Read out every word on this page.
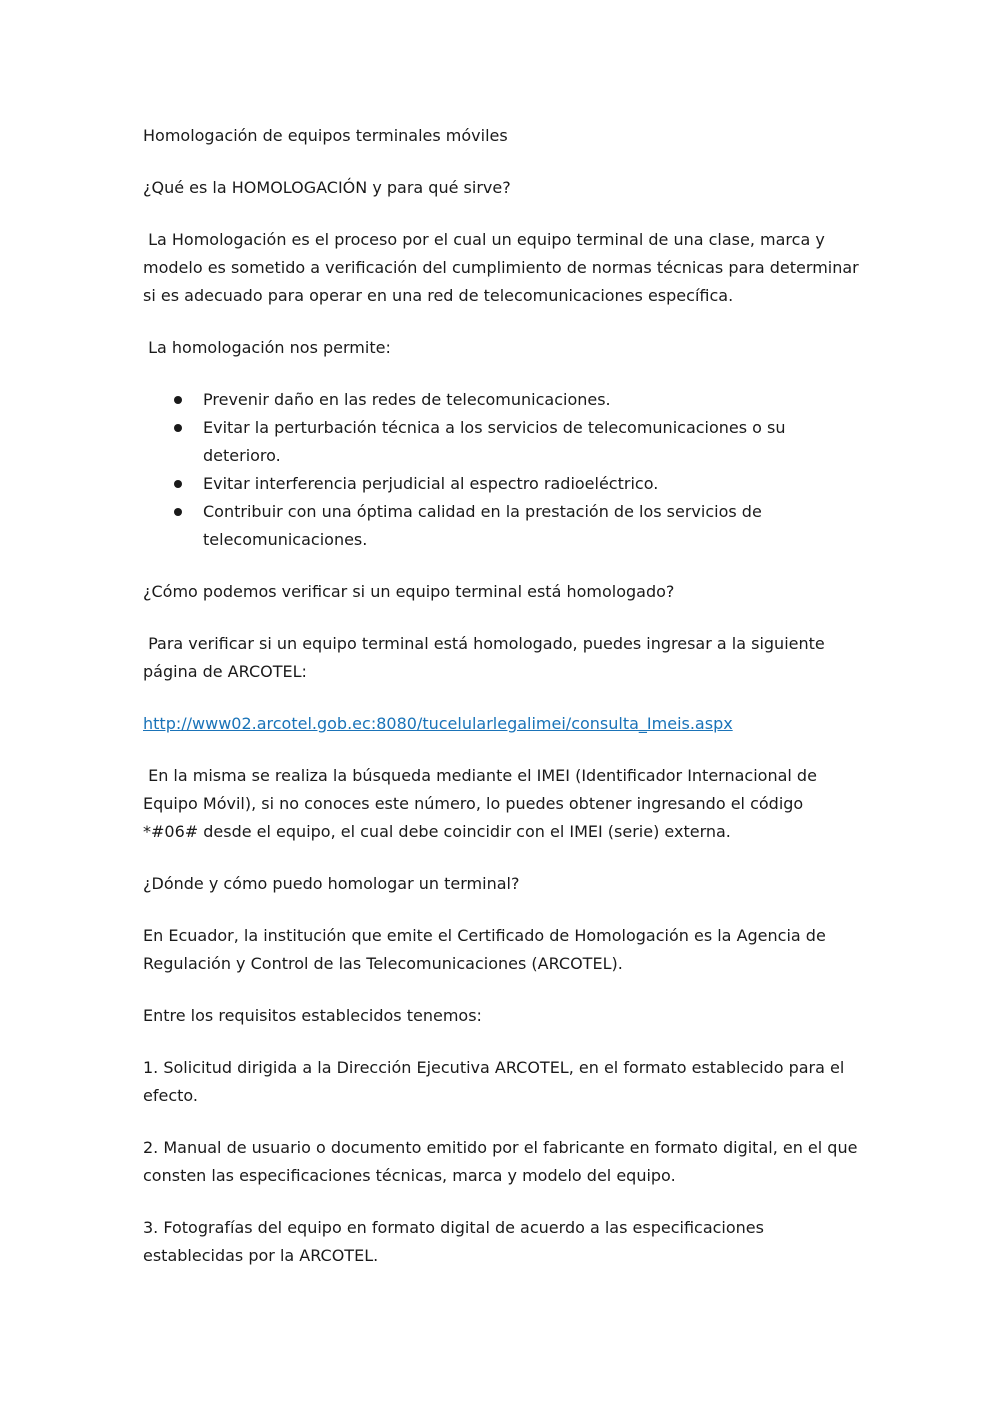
Homologación de equipos terminales móviles

¿Qué es la HOMOLOGACIÓN y para qué sirve?

La Homologación es el proceso por el cual un equipo terminal de una clase, marca y modelo es sometido a verificación del cumplimiento de normas técnicas para determinar si es adecuado para operar en una red de telecomunicaciones específica.

La homologación nos permite:

Prevenir daño en las redes de telecomunicaciones.
Evitar la perturbación técnica a los servicios de telecomunicaciones o su deterioro.
Evitar interferencia perjudicial al espectro radioeléctrico.
Contribuir con una óptima calidad en la prestación de los servicios de telecomunicaciones.

¿Cómo podemos verificar si un equipo terminal está homologado?

Para verificar si un equipo terminal está homologado, puedes ingresar a la siguiente página de ARCOTEL:

http://www02.arcotel.gob.ec:8080/tucelularlegalimei/consulta_Imeis.aspx

En la misma se realiza la búsqueda mediante el IMEI (Identificador Internacional de Equipo Móvil), si no conoces este número, lo puedes obtener ingresando el código *#06# desde el equipo, el cual debe coincidir con el IMEI (serie) externa.

¿Dónde y cómo puedo homologar un terminal?

En Ecuador, la institución que emite el Certificado de Homologación es la Agencia de Regulación y Control de las Telecomunicaciones (ARCOTEL).

Entre los requisitos establecidos tenemos:

1. Solicitud dirigida a la Dirección Ejecutiva ARCOTEL, en el formato establecido para el efecto.

2. Manual de usuario o documento emitido por el fabricante en formato digital, en el que consten las especificaciones técnicas, marca y modelo del equipo.

3. Fotografías del equipo en formato digital de acuerdo a las especificaciones establecidas por la ARCOTEL.
